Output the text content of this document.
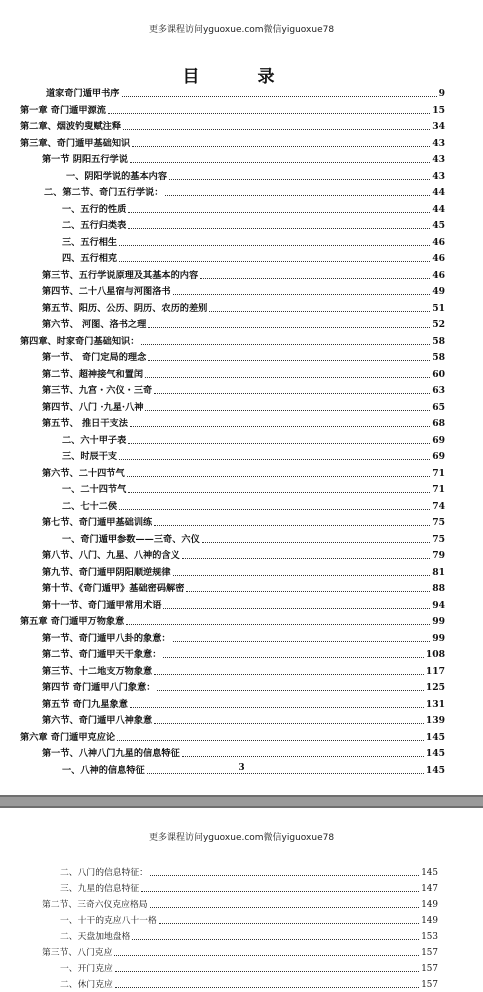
更多课程访问yguoxue.com微信yiguoxue78
目 录
道家奇门遁甲书序	9
第一章 奇门遁甲源流	15
第二章、烟波钓叟赋注释	34
第三章、奇门遁甲基础知识	43
第一节 阴阳五行学说	43
一、阴阳学说的基本内容	43
二、第二节、奇门五行学说：	44
一、五行的性质	44
二、五行归类表	45
三、五行相生	46
四、五行相克	46
第三节、五行学说原理及其基本的内容	46
第四节、二十八星宿与河图洛书	49
第五节、阳历、公历、阴历、农历的差别	51
第六节、 河图、洛书之理	52
第四章、时家奇门基础知识：	58
第一节、 奇门定局的理念	58
第二节、超神接气和置闰	60
第三节、九宫・六仪・三奇	63
第四节、八门 ·九星·八神	65
第五节、 推日干支法	68
二、六十甲子表	69
三、时辰干支	69
第六节、二十四节气	71
一、二十四节气	71
二、七十二侯	74
第七节、奇门遁甲基础训练	75
一、奇门遁甲参数——三奇、六仪	75
第八节、八门、九星、八神的含义	79
第九节、奇门遁甲阴阳顺逆规律	81
第十节、《奇门遁甲》基础密码解密	88
第十一节、奇门遁甲常用术语	94
第五章 奇门遁甲万物象意	99
第一节、奇门遁甲八卦的象意：	99
第二节、奇门遁甲天干象意：	108
第三节、十二地支万物象意	117
第四节 奇门遁甲八门象意：	125
第五节 奇门九星象意	131
第六节、奇门遁甲八神象意	139
第六章 奇门遁甲克应论	145
第一节、八神八门九星的信息特征	145
一、八神的信息特征	145
3
更多课程访问yguoxue.com微信yiguoxue78
二、八门的信息特征：	145
三、九星的信息特征	147
第二节、三奇六仪克应格局	149
一、十干的克应八十一格	149
二、天盘加地盘格	153
第三节、八门克应	157
一、开门克应	157
二、休门克应	157
